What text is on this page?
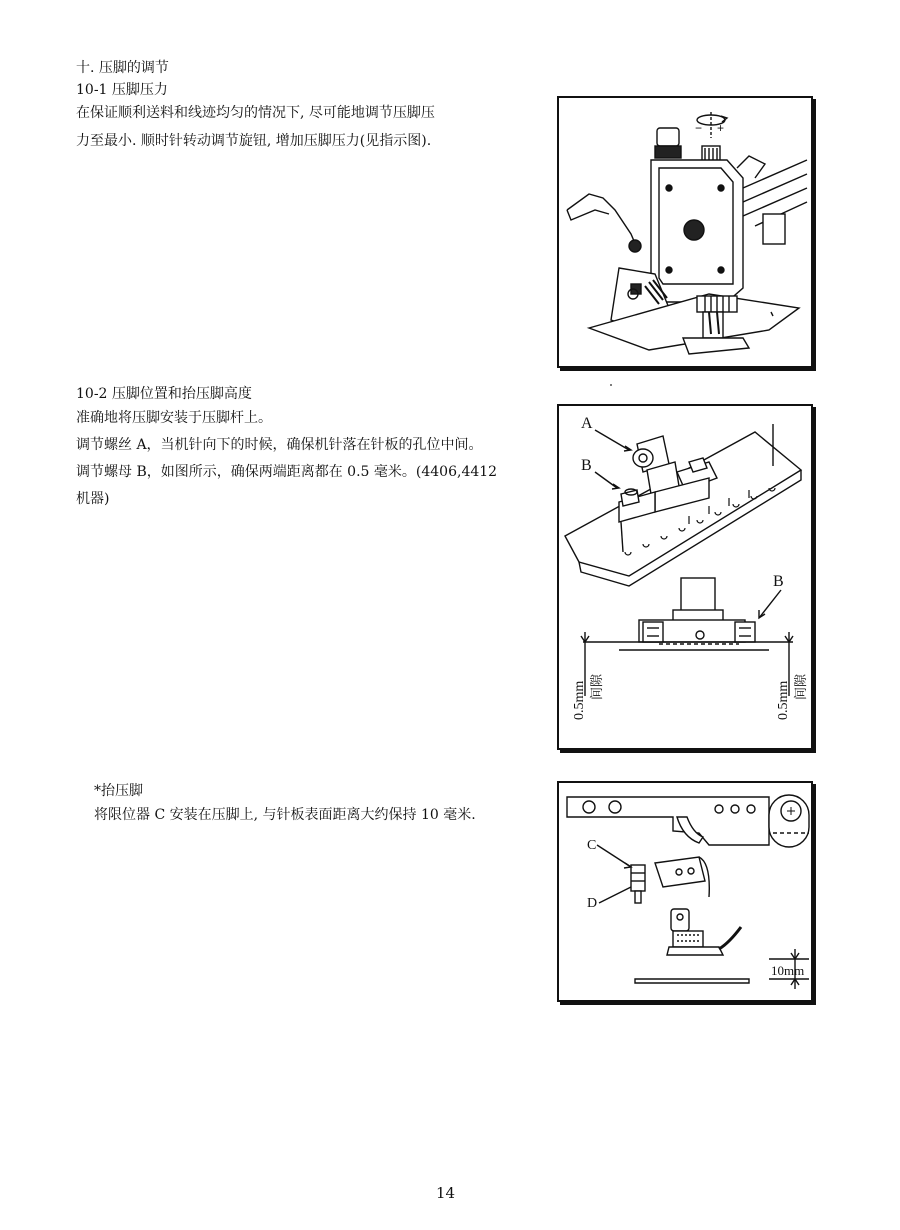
十. 压脚的调节
10-1 压脚压力
在保证顺利送料和线迹均匀的情况下, 尽可能地调节压脚压
力至最小. 顺时针转动调节旋钮, 增加压脚压力(见指示图).
10-2 压脚位置和抬压脚高度
准确地将压脚安装于压脚杆上。
调节螺丝 A，当机针向下的时候，确保机针落在针板的孔位中间。
调节螺母 B，如图所示，确保两端距离都在 0.5 毫米。(4406,4412
机器)
*抬压脚
将限位器 C 安装在压脚上, 与针板表面距离大约保持 10 毫米.
− +
A
B
B
0.5mm 间隙	0.5mm 间隙
C
D
10mm
14
